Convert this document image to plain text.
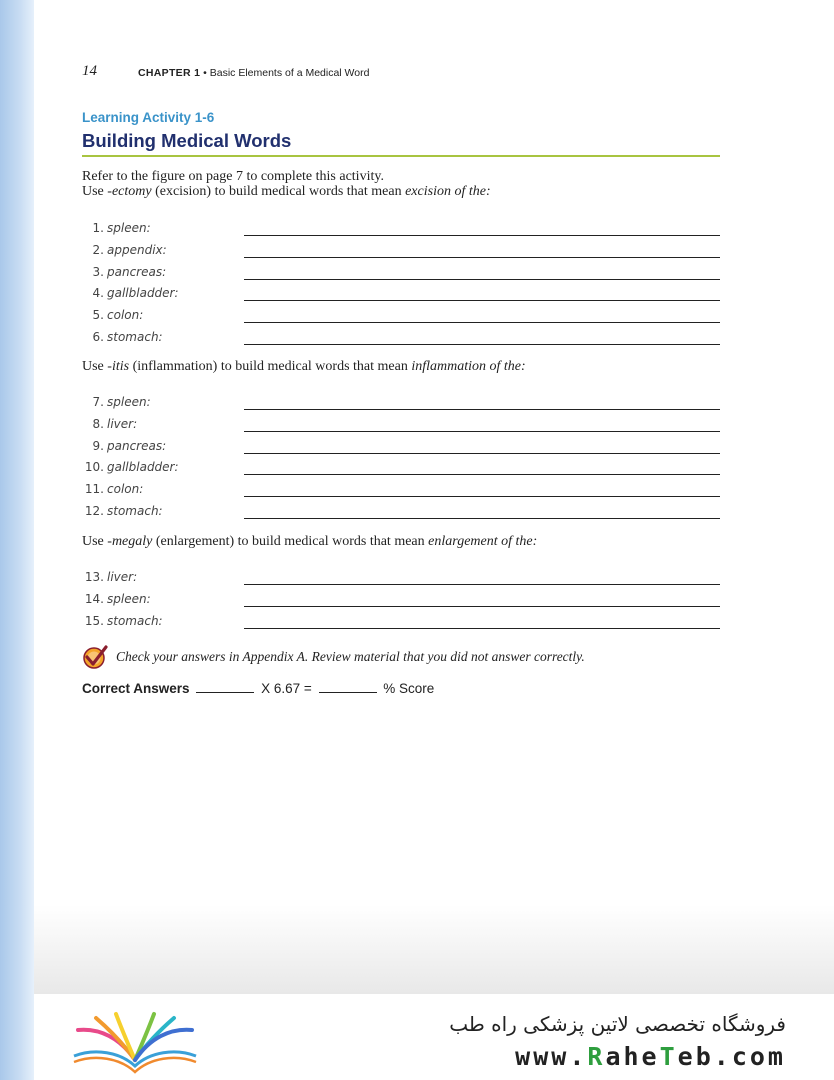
14	CHAPTER 1 • Basic Elements of a Medical Word
Learning Activity 1-6
Building Medical Words
Refer to the figure on page 7 to complete this activity.
Use -ectomy (excision) to build medical words that mean excision of the:
1. spleen:
2. appendix:
3. pancreas:
4. gallbladder:
5. colon:
6. stomach:
Use -itis (inflammation) to build medical words that mean inflammation of the:
7. spleen:
8. liver:
9. pancreas:
10. gallbladder:
11. colon:
12. stomach:
Use -megaly (enlargement) to build medical words that mean enlargement of the:
13. liver:
14. spleen:
15. stomach:
Check your answers in Appendix A. Review material that you did not answer correctly.
Correct Answers	X 6.67 =	% Score
فروشگاه تخصصی لاتین پزشکی راه طب
www.RaheTeb.com
